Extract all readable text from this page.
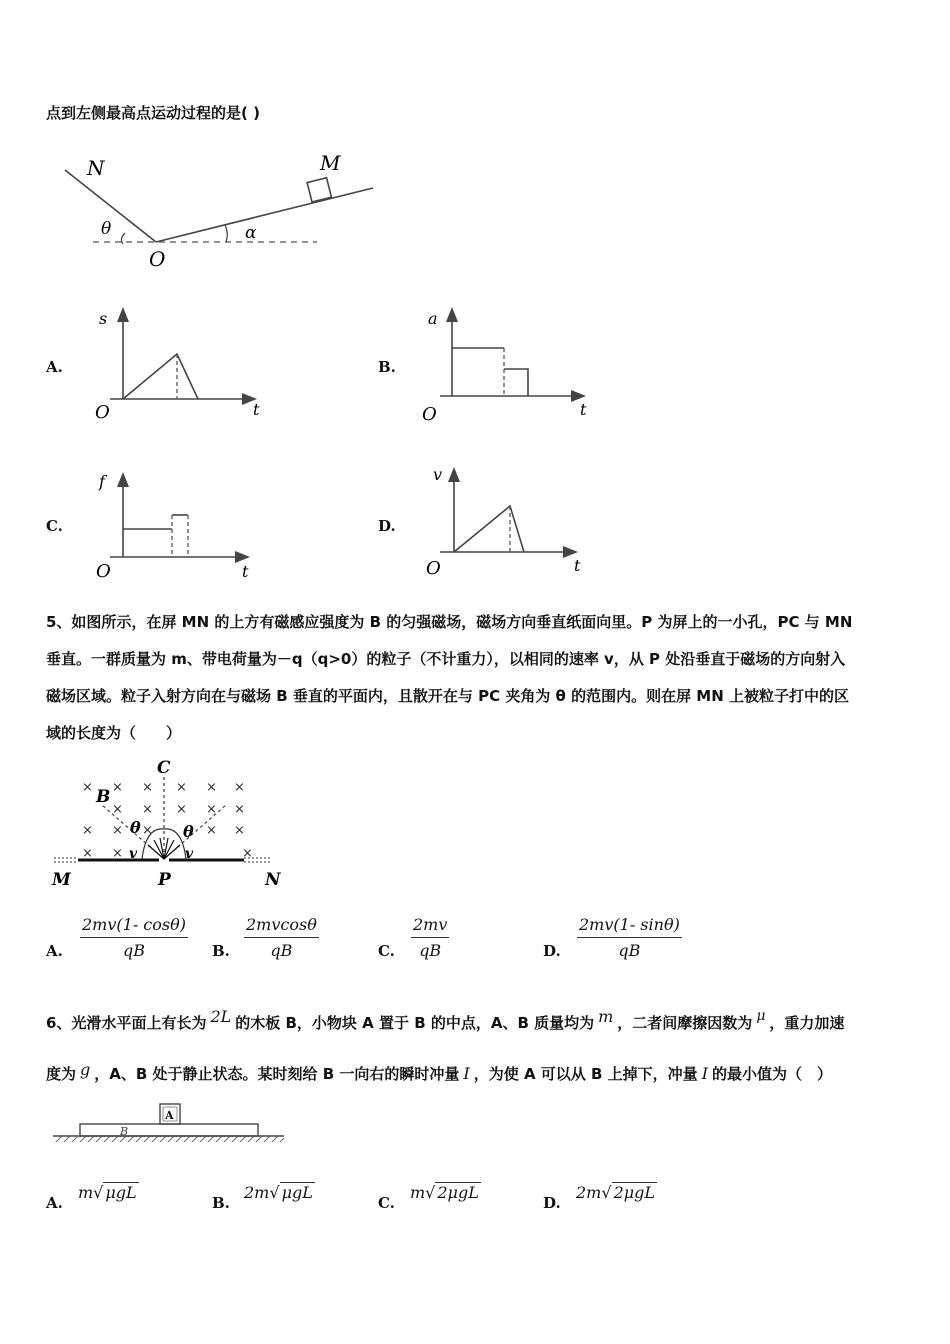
点到左侧最高点运动过程的是( )
N	M
O
θ	α
A.
s
t
O
B.
a
t
O
C.
f
t
O
D.
v
t
O
5、如图所示，在屏 MN 的上方有磁感应强度为 B 的匀强磁场，磁场方向垂直纸面向里。P 为屏上的一小孔，PC 与 MN
垂直。一群质量为 m、带电荷量为－q（q>0）的粒子（不计重力），以相同的速率 v，从 P 处沿垂直于磁场的方向射入
磁场区域。粒子入射方向在与磁场 B 垂直的平面内，且散开在与 PC 夹角为 θ 的范围内。则在屏 MN 上被粒子打中的区
域的长度为（　　）
× × × × × ×
× × × × ×
× × ×	× ×
× ×	×
C
B
θ	θ
v	v
M	P	N
A. $\frac{2mv(1- \cos\theta)}{qB} B$. $\frac{2mvcos\theta}{qB}$	C. $\frac{2mv}{qB}$	D. $\frac{2mv(1- \sin\theta)}{qB}$
6、光滑水平面上有长为 $^{2L}$ 的木板 B，小物块 A 置于 B 的中点，A、B 质量均为 $^m$ ，二者间摩擦因数为 $^\mu$ ，重力加速
度为 $^g$ ，A、B 处于静止状态。某时刻给 B 一向右的瞬时冲量 I ，为使 A 可以从 B 上掉下，冲量 I 的最小值为（　）
A
B
A.
m√ μgL
B.
2m√ μgL
C.
m√ 2μgL
D.
2m√ 2μgL
